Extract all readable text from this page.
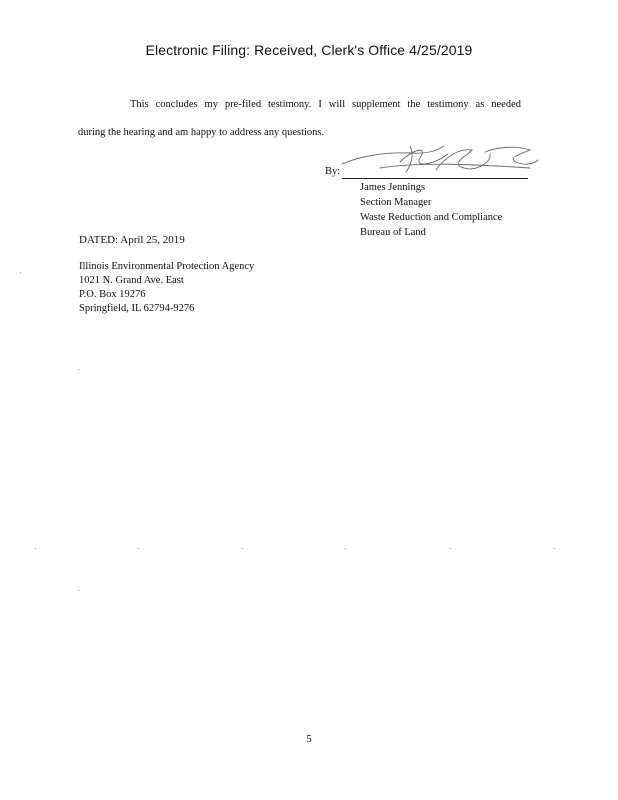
Electronic Filing: Received, Clerk's Office 4/25/2019
This concludes my pre-filed testimony. I will supplement the testimony as needed
during the hearing and am happy to address any questions.
By:
James Jennings
Section Manager
Waste Reduction and Compliance
Bureau of Land
DATED: April 25, 2019
Illinois Environmental Protection Agency
1021 N. Grand Ave. East
P.O. Box 19276
Springfield, IL 62794-9276
5
